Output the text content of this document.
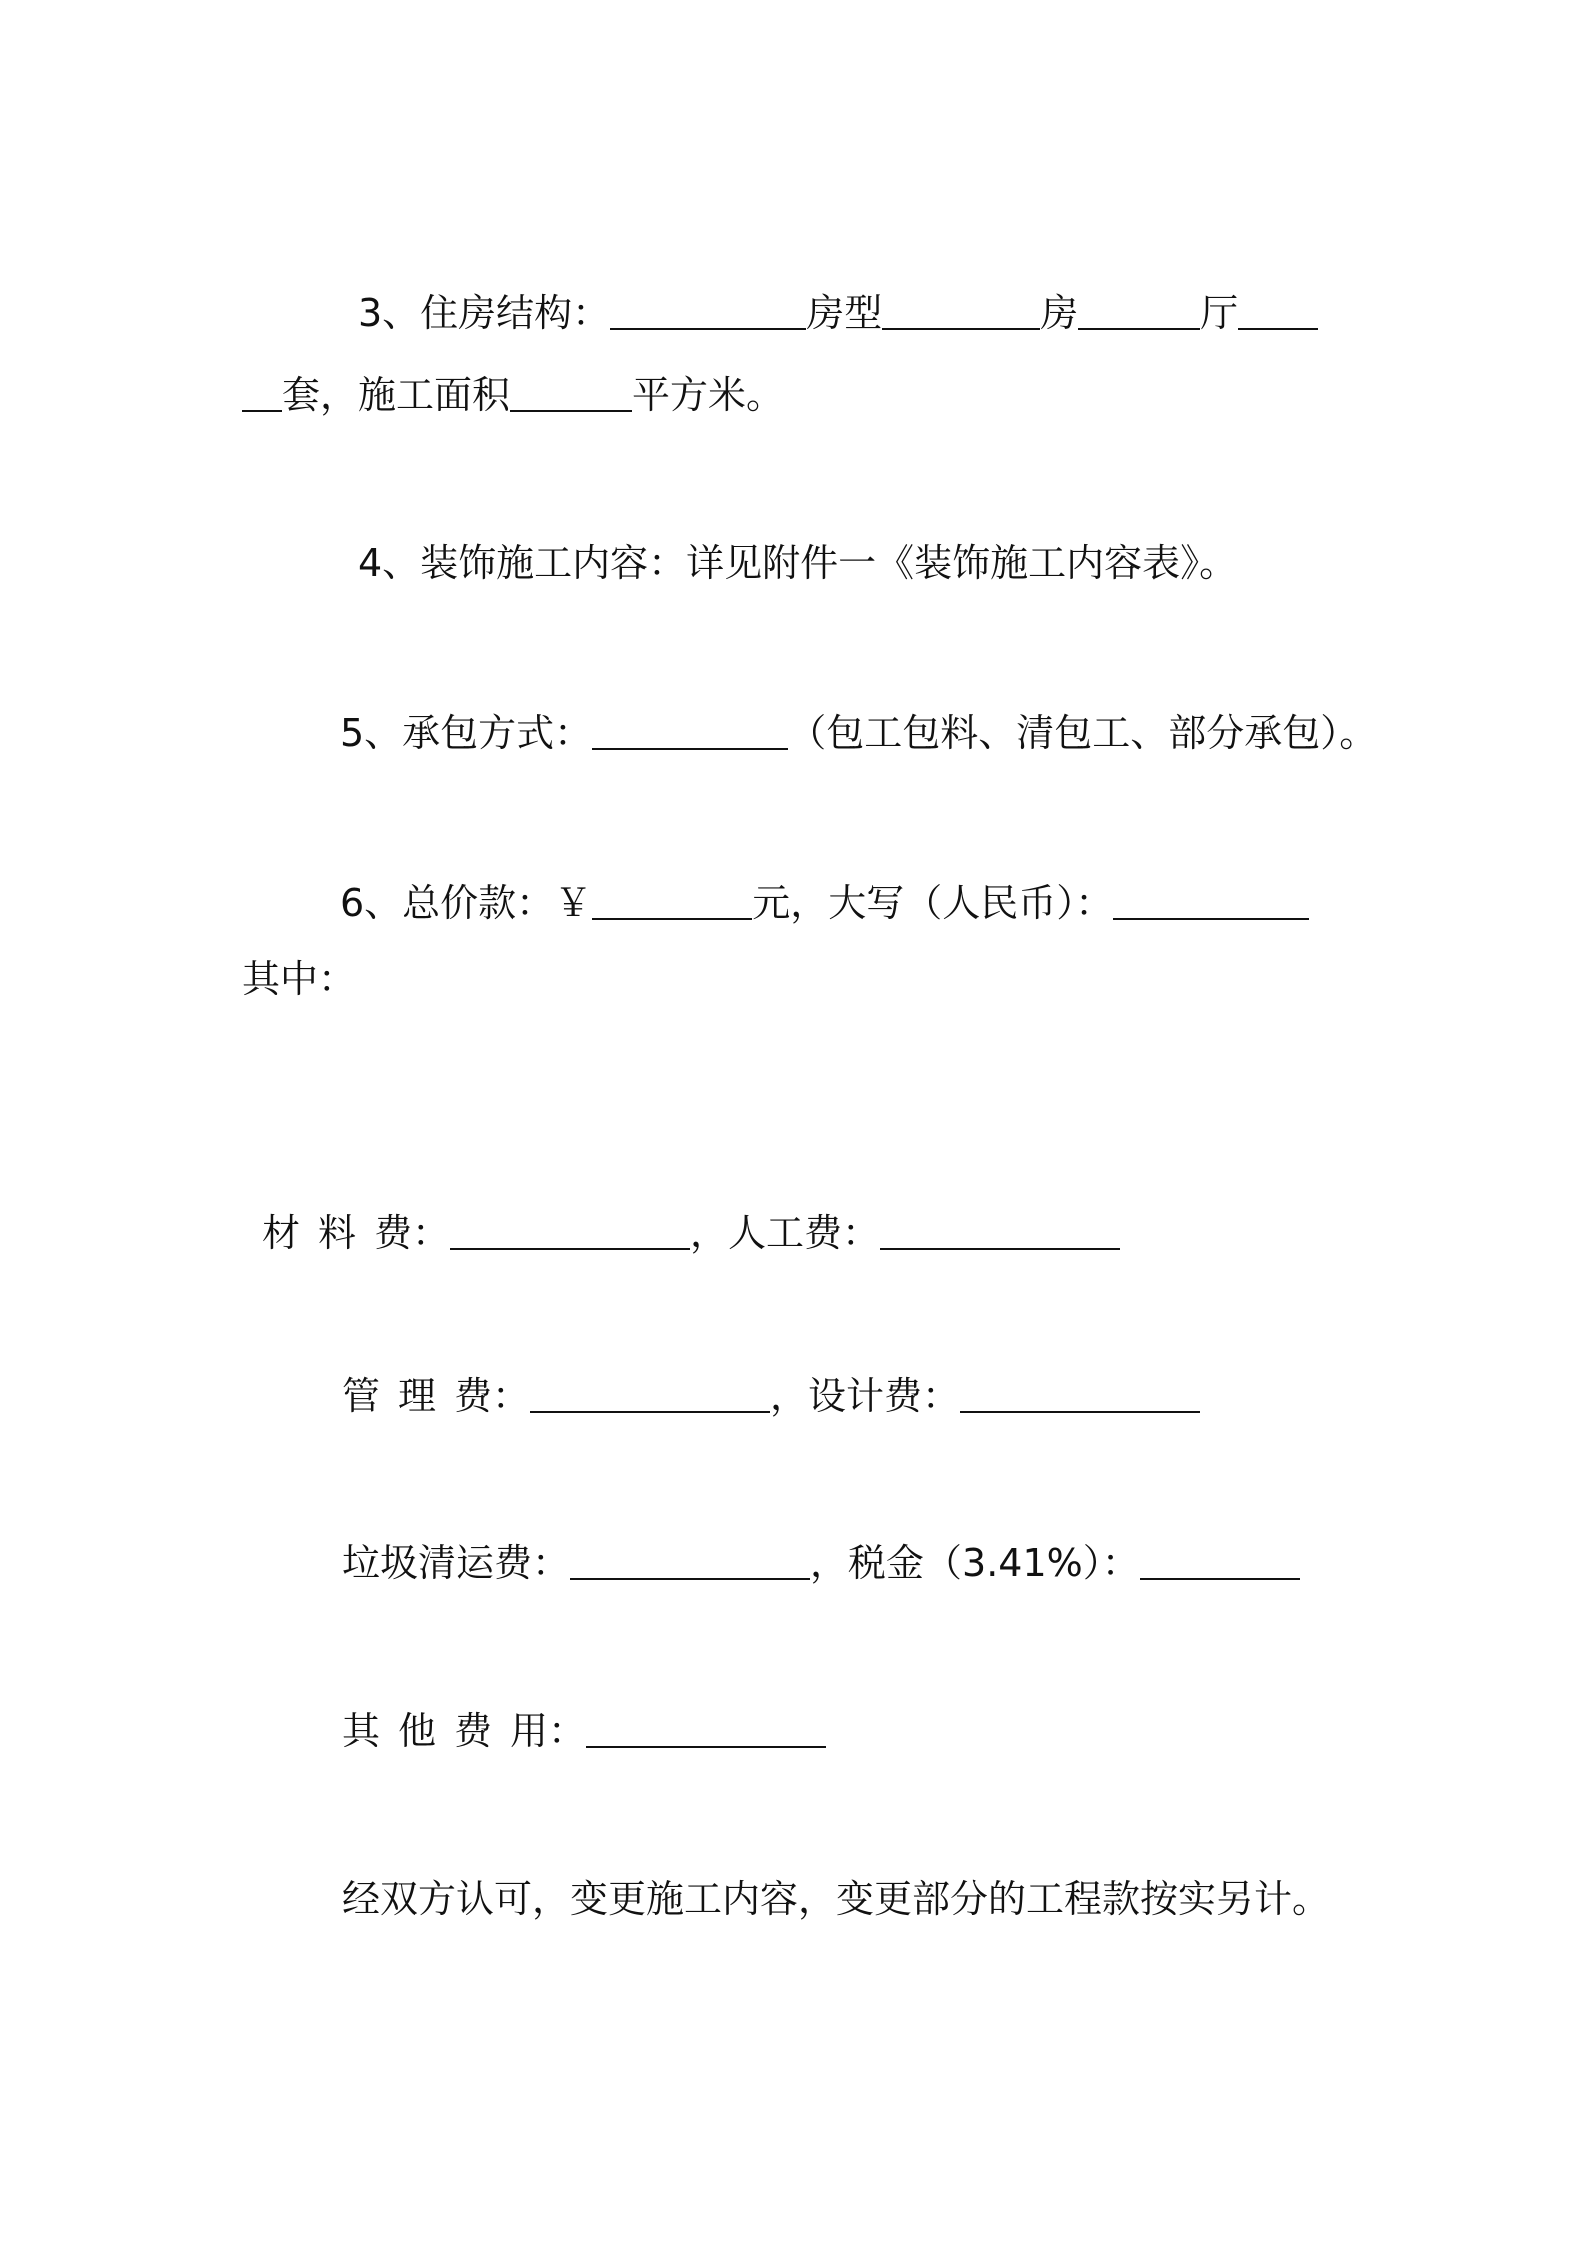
3、住房结构：	房型	房	厅
套，施工面积	平方米。
4、装饰施工内容：详见附件一《装饰施工内容表》。
5、承包方式：	（包工包料、清包工、部分承包）。
6、总价款：￥	元，大写（人民币）：
其中：
材 料 费：	，人工费：
管 理 费：	，设计费：
垃圾清运费：	，税金（3.41%）：
其 他 费 用：
经双方认可，变更施工内容，变更部分的工程款按实另计。
